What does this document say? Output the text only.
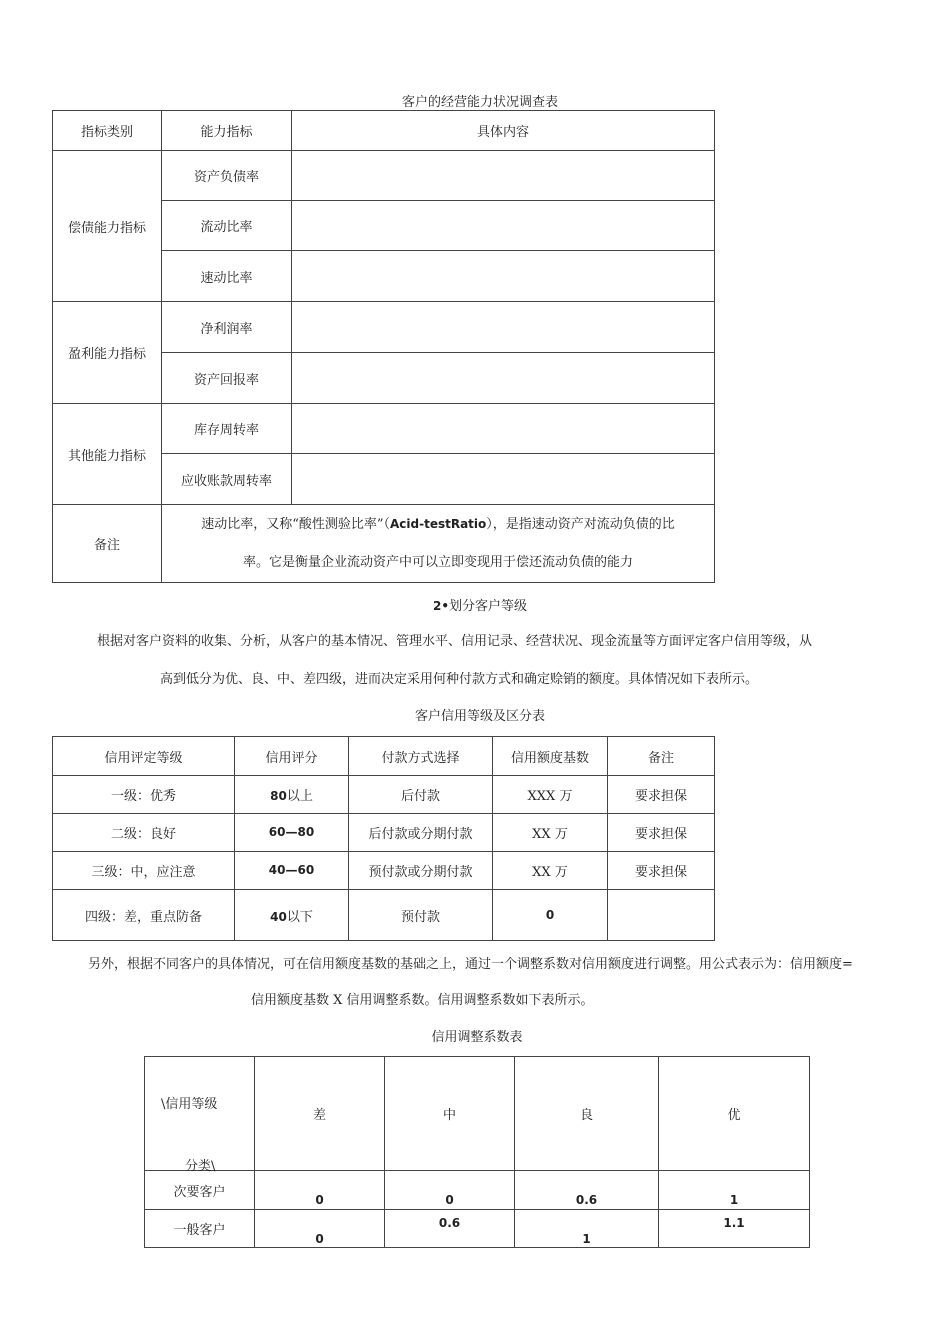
客户的经营能力状况调查表
指标类别	能力指标	具体内容
偿债能力指标	资产负债率	
	流动比率	
	速动比率	
盈利能力指标	净利润率	
	资产回报率	
其他能力指标	库存周转率	
	应收账款周转率	
备注	速动比率，又称“酸性测验比率”（Acid-testRatio），是指速动资产对流动负债的比
率。它是衡量企业流动资产中可以立即变现用于偿还流动负债的能力	
2•划分客户等级
根据对客户资料的收集、分析，从客户的基本情况、管理水平、信用记录、经营状况、现金流量等方面评定客户信用等级，从
高到低分为优、良、中、差四级，进而决定采用何种付款方式和确定赊销的额度。具体情况如下表所示。
客户信用等级及区分表
信用评定等级	信用评分	付款方式选择	信用额度基数	备注
一级：优秀	80以上	后付款	XXX 万	要求担保
二级：良好	60—80	后付款或分期付款	XX 万	要求担保
三级：中，应注意	40—60	预付款或分期付款	XX 万	要求担保
四级：差，重点防备	40以下	预付款	0	
另外，根据不同客户的具体情况，可在信用额度基数的基础之上，通过一个调整系数对信用额度进行调整。用公式表示为：信用额度=
信用额度基数 X 信用调整系数。信用调整系数如下表所示。
信用调整系数表
\信用等级
分类\	差	中	良	优
次要客户	0	0	0.6	1
一般客户	0	0.6	1	1.1
